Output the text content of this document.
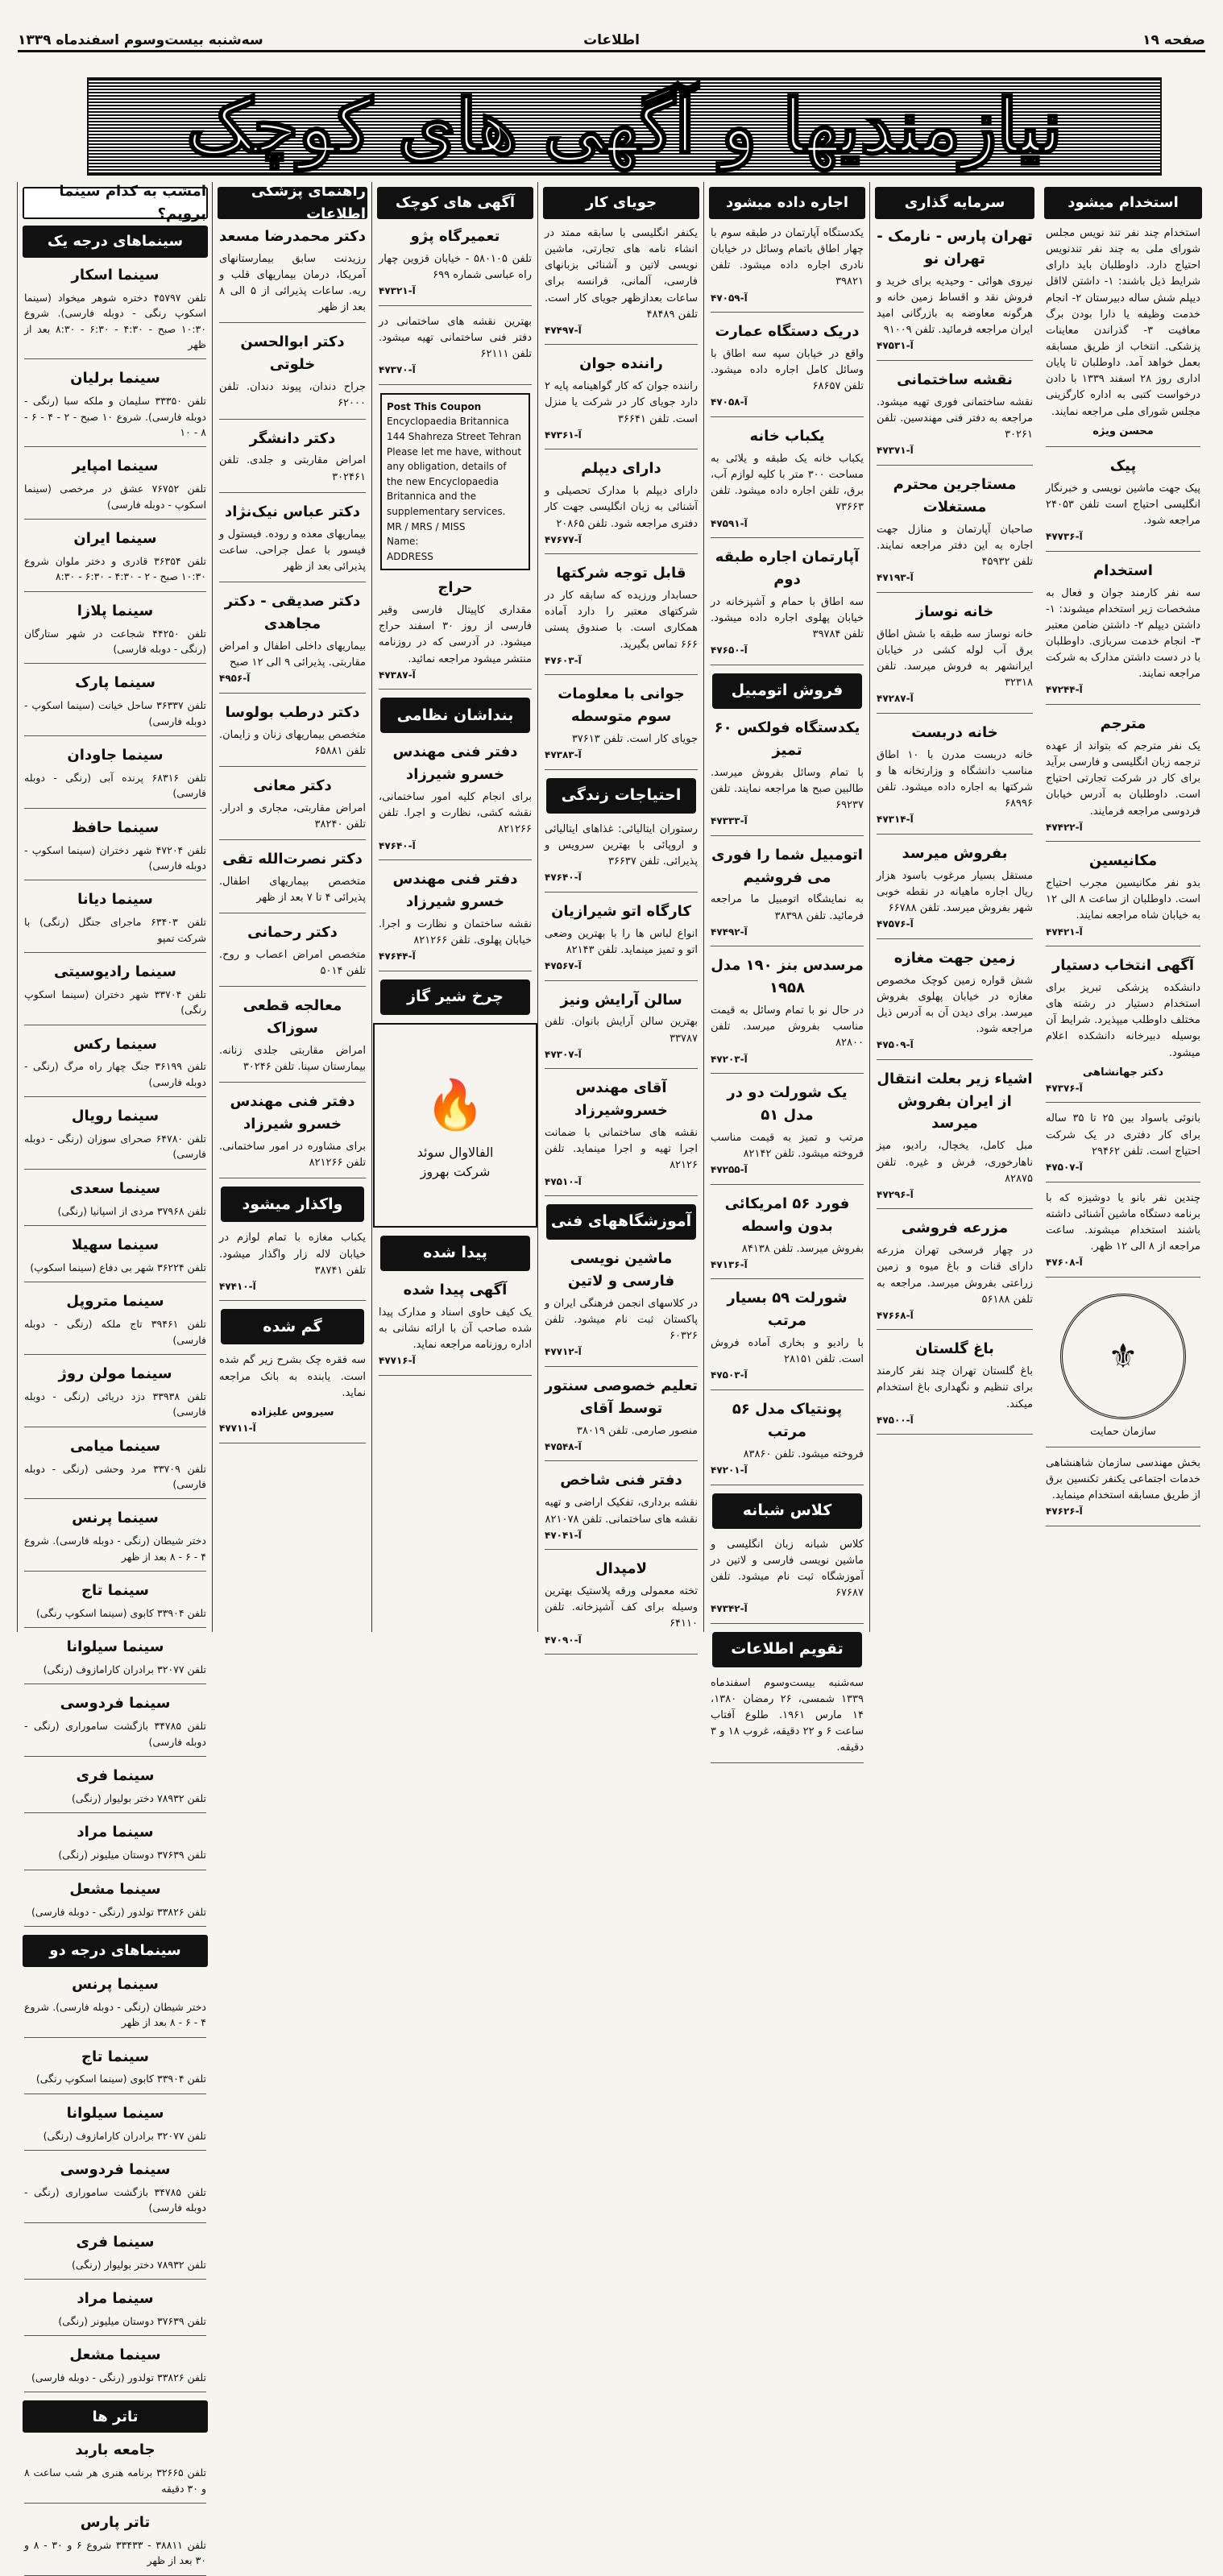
صفحه ۱۹
اطلاعات
سه‌شنبه بیست‌وسوم اسفندماه ۱۳۳۹
نیازمندیها و آگهی های کوچک
استخدام میشود
استخدام چند نفر تند نویس مجلس شورای ملی به چند نفر تندنویس احتیاج دارد. داوطلبان باید دارای شرایط ذیل باشند: ۱- داشتن لااقل دیپلم شش ساله دبیرستان ۲- انجام خدمت وظیفه یا دارا بودن برگ معافیت ۳- گذراندن معاینات پزشکی. انتخاب از طریق مسابقه بعمل خواهد آمد. داوطلبان تا پایان اداری روز ۲۸ اسفند ۱۳۳۹ با دادن درخواست کتبی به اداره کارگزینی مجلس شورای ملی مراجعه نمایند.
محسن ویژه
پیک
پیک جهت ماشین نویسی و خبرنگار انگلیسی احتیاج است تلفن ۲۴۰۵۳ مراجعه شود.
آ-۴۷۷۳۶
استخدام
سه نفر کارمند جوان و فعال به مشخصات زیر استخدام میشوند: ۱- داشتن دیپلم ۲- داشتن ضامن معتبر ۳- انجام خدمت سربازی. داوطلبان با در دست داشتن مدارک به شرکت مراجعه نمایند.
آ-۴۷۲۴۴
مترجم
یک نفر مترجم که بتواند از عهده ترجمه زبان انگلیسی و فارسی برآید برای کار در شرکت تجارتی احتیاج است. داوطلبان به آدرس خیابان فردوسی مراجعه فرمایند.
آ-۴۷۴۲۲
مکانیسین
بدو نفر مکانیسین مجرب احتیاج است. داوطلبان از ساعت ۸ الی ۱۲ به خیابان شاه مراجعه نمایند.
آ-۴۷۴۲۱
آگهی انتخاب دستیار
دانشکده پزشکی تبریز برای استخدام دستیار در رشته های مختلف داوطلب میپذیرد. شرایط آن بوسیله دبیرخانه دانشکده اعلام میشود.
دکتر جهانشاهی
آ-۴۷۳۷۶
بانوئی باسواد بین ۲۵ تا ۳۵ ساله برای کار دفتری در یک شرکت احتیاج است. تلفن ۲۹۴۶۲
آ-۴۷۵۰۷
چندین نفر بانو یا دوشیزه که با برنامه دستگاه ماشین آشنائی داشته باشند استخدام میشوند. ساعت مراجعه از ۸ الی ۱۲ ظهر.
آ-۴۷۶۰۸
⚜
سازمان حمایت
بخش مهندسی سازمان شاهنشاهی خدمات اجتماعی یکنفر تکنسین برق از طریق مسابقه استخدام مینماید.
آ-۴۷۶۲۶
سرمایه گذاری
تهران پارس - نارمک - تهران نو
نیروی هوائی - وحیدیه برای خرید و فروش نقد و اقساط زمین خانه و هرگونه معاوضه به بازرگانی امید ایران مراجعه فرمائید. تلفن ۹۱۰۰۹
آ-۴۷۵۳۱
نقشه ساختمانی
نقشه ساختمانی فوری تهیه میشود. مراجعه به دفتر فنی مهندسین. تلفن ۳۰۲۶۱
آ-۴۷۳۷۱
مستاجرین محترم مستغلات
صاحبان آپارتمان و منازل جهت اجاره به این دفتر مراجعه نمایند. تلفن ۴۵۹۳۲
آ-۴۷۱۹۳
خانه نوساز
خانه نوساز سه طبقه با شش اطاق برق آب لوله کشی در خیابان ایرانشهر به فروش میرسد. تلفن ۳۲۳۱۸
آ-۴۷۲۸۷
خانه دربست
خانه دربست مدرن با ۱۰ اطاق مناسب دانشگاه و وزارتخانه ها و شرکتها به اجاره داده میشود. تلفن ۶۸۹۹۶
آ-۴۷۳۱۴
بفروش میرسد
مستقل بسیار مرغوب باسود هزار ریال اجاره ماهیانه در نقطه خوبی شهر بفروش میرسد. تلفن ۶۶۷۸۸
آ-۴۷۵۷۶
زمین جهت مغازه
شش قواره زمین کوچک مخصوص مغازه در خیابان پهلوی بفروش میرسد. برای دیدن آن به آدرس ذیل مراجعه شود.
آ-۴۷۵۰۹
اشیاء زیر بعلت انتقال از ایران بفروش میرسد
مبل کامل، یخچال، رادیو، میز ناهارخوری، فرش و غیره. تلفن ۸۲۸۷۵
آ-۴۷۲۹۶
مزرعه فروشی
در چهار فرسخی تهران مزرعه دارای قنات و باغ میوه و زمین زراعتی بفروش میرسد. مراجعه به تلفن ۵۶۱۸۸
آ-۴۷۶۶۸
باغ گلستان
باغ گلستان تهران چند نفر کارمند برای تنظیم و نگهداری باغ استخدام میکند.
آ-۴۷۵۰۰
اجاره داده میشود
یکدستگاه آپارتمان در طبقه سوم با چهار اطاق باتمام وسائل در خیابان نادری اجاره داده میشود. تلفن ۳۹۸۲۱
آ-۴۷۰۵۹
دریک دستگاه عمارت
واقع در خیابان سپه سه اطاق با وسائل کامل اجاره داده میشود. تلفن ۶۸۶۵۷
آ-۴۷۰۵۸
یکباب خانه
یکباب خانه یک طبقه و یلائی به مساحت ۳۰۰ متر با کلیه لوازم آب، برق، تلفن اجاره داده میشود. تلفن ۷۳۶۶۳
آ-۴۷۵۹۱
آپارتمان اجاره طبقه دوم
سه اطاق با حمام و آشپزخانه در خیابان پهلوی اجاره داده میشود. تلفن ۳۹۷۸۴
آ-۴۷۶۵۰
فروش اتومبیل
یکدستگاه فولکس ۶۰ تمیز
با تمام وسائل بفروش میرسد. طالبین صبح ها مراجعه نمایند. تلفن ۶۹۲۳۷
آ-۴۷۳۳۳
اتومبیل شما را فوری می فروشیم
به نمایشگاه اتومبیل ما مراجعه فرمائید. تلفن ۳۸۳۹۸
آ-۴۷۴۹۲
مرسدس بنز ۱۹۰ مدل ۱۹۵۸
در حال نو با تمام وسائل به قیمت مناسب بفروش میرسد. تلفن ۸۲۸۰۰
آ-۴۷۲۰۳
یک شورلت دو در مدل ۵۱
مرتب و تمیز به قیمت مناسب فروخته میشود. تلفن ۸۲۱۴۲
آ-۴۷۲۵۵
فورد ۵۶ امریکائی بدون واسطه
بفروش میرسد. تلفن ۸۴۱۳۸
آ-۴۷۱۳۶
شورلت ۵۹ بسیار مرتب
با رادیو و بخاری آماده فروش است. تلفن ۲۸۱۵۱
آ-۴۷۵۰۳
پونتیاک مدل ۵۶ مرتب
فروخته میشود. تلفن ۸۳۸۶۰
آ-۴۷۲۰۱
کلاس شبانه
کلاس شبانه زبان انگلیسی و ماشین نویسی فارسی و لاتین در آموزشگاه ثبت نام میشود. تلفن ۶۷۶۸۷
آ-۴۷۳۴۲
تقویم اطلاعات
سه‌شنبه بیست‌وسوم اسفندماه ۱۳۳۹ شمسی، ۲۶ رمضان ۱۳۸۰، ۱۴ مارس ۱۹۶۱. طلوع آفتاب ساعت ۶ و ۲۲ دقیقه، غروب ۱۸ و ۳ دقیقه.
جویای کار
یکنفر انگلیسی با سابقه ممتد در انشاء نامه های تجارتی، ماشین نویسی لاتین و آشنائی بزبانهای فارسی، آلمانی، فرانسه برای ساعات بعدازظهر جویای کار است. تلفن ۴۸۴۸۹
آ-۴۷۴۹۷
راننده جوان
راننده جوان که کار گواهینامه پایه ۲ دارد جویای کار در شرکت یا منزل است. تلفن ۳۶۶۴۱
آ-۴۷۳۶۱
دارای دیپلم
دارای دیپلم با مدارک تحصیلی و آشنائی به زبان انگلیسی جهت کار دفتری مراجعه شود. تلفن ۲۰۸۶۵
آ-۴۷۶۷۷
قابل توجه شرکتها
حسابدار ورزیده که سابقه کار در شرکتهای معتبر را دارد آماده همکاری است. با صندوق پستی ۶۶۶ تماس بگیرید.
آ-۴۷۶۰۳
جوانی با معلومات سوم متوسطه
جویای کار است. تلفن ۳۷۶۱۳
آ-۴۷۳۸۳
احتیاجات زندگی
رستوران ایتالیائی: غذاهای ایتالیائی و اروپائی با بهترین سرویس و پذیرائی. تلفن ۳۶۶۳۷
آ-۴۷۶۴۰
کارگاه اتو شیرازیان
انواع لباس ها را با بهترین وضعی اتو و تمیز مینماید. تلفن ۸۲۱۴۳
آ-۴۷۵۶۷
سالن آرایش ونیز
بهترین سالن آرایش بانوان. تلفن ۳۳۷۸۷
آ-۴۷۳۰۷
آقای مهندس خسروشیرزاد
نقشه های ساختمانی با ضمانت اجرا تهیه و اجرا مینماید. تلفن ۸۲۱۲۶
آ-۴۷۵۱۰
آموزشگاههای فنی
ماشین نویسی فارسی و لاتین
در کلاسهای انجمن فرهنگی ایران و پاکستان ثبت نام میشود. تلفن ۶۰۳۲۶
آ-۴۷۷۱۲
تعلیم خصوصی سنتور توسط آقای
منصور صارمی. تلفن ۳۸۰۱۹
آ-۴۷۵۴۸
دفتر فنی شاخص
نقشه برداری، تفکیک اراضی و تهیه نقشه های ساختمانی. تلفن ۸۲۱۰۷۸
آ-۴۷۰۴۱
لامپدال
تخته معمولی ورقه پلاستیک بهترین وسیله برای کف آشپزخانه. تلفن ۶۴۱۱۰
آ-۴۷۰۹۰
آگهی های کوچک
تعمیرگاه پژو
تلفن ۵۸۰۱۰۵ - خیابان قزوین چهار راه عباسی شماره ۶۹۹
آ-۴۷۳۲۱
بهترین نقشه های ساختمانی در دفتر فنی ساختمانی تهیه میشود. تلفن ۶۲۱۱۱
آ-۴۷۳۷۰
Post This Coupon
Encyclopaedia Britannica
144 Shahreza Street Tehran
Please let me have, without any obligation, details of the new Encyclopaedia Britannica and the supplementary services.
MR / MRS / MISS
Name:
ADDRESS
حراج
مقداری کاپیتال فارسی وقیر فارسی از روز ۳۰ اسفند حراج میشود. در آدرسی که در روزنامه منتشر میشود مراجعه نمائید.
آ-۴۷۳۸۷
بنداشان نظامی
دفتر فنی مهندس خسرو شیرزاد
برای انجام کلیه امور ساختمانی، نقشه کشی، نظارت و اجرا. تلفن ۸۲۱۲۶۶
آ-۴۷۶۴۰
دفتر فنی مهندس خسرو شیرزاد
نقشه ساختمان و نظارت و اجرا. خیابان پهلوی. تلفن ۸۲۱۲۶۶
آ-۴۷۶۴۴
چرخ شیر گاز
🔥
الفالاوال سوئد
شرکت بهروز
پیدا شده
آگهی پیدا شده
یک کیف حاوی اسناد و مدارک پیدا شده صاحب آن با ارائه نشانی به اداره روزنامه مراجعه نماید.
آ-۴۷۷۱۶
راهنمای پزشکی اطلاعات
دکتر محمدرضا مسعد
رزیدنت سابق بیمارستانهای آمریکا، درمان بیماریهای قلب و ریه. ساعات پذیرائی از ۵ الی ۸ بعد از ظهر
دکتر ابوالحسن خلوتی
جراح دندان، پیوند دندان. تلفن ۶۲۰۰۰
دکتر دانشگر
امراض مقاربتی و جلدی. تلفن ۳۰۲۴۶۱
دکتر عباس نیک‌نژاد
بیماریهای معده و روده. فیستول و فیسور با عمل جراحی. ساعت پذیرائی بعد از ظهر
دکتر صدیقی - دکتر مجاهدی
بیماریهای داخلی اطفال و امراض مقاربتی. پذیرائی ۹ الی ۱۲ صبح
آ-۴۹۵۶
دکتر درطب بولوسا
متخصص بیماریهای زنان و زایمان. تلفن ۶۵۸۸۱
دکتر معانی
امراض مقاربتی، مجاری و ادرار. تلفن ۳۸۲۴۰
دکتر نصرت‌الله تقی
متخصص بیماریهای اطفال. پذیرائی ۴ تا ۷ بعد از ظهر
دکتر رحمانی
متخصص امراض اعصاب و روح. تلفن ۵۰۱۴
معالجه قطعی سوزاک
امراض مقاربتی جلدی زنانه. بیمارستان سینا. تلفن ۳۰۲۴۶
دفتر فنی مهندس خسرو شیرزاد
برای مشاوره در امور ساختمانی. تلفن ۸۲۱۲۶۶
واکذار میشود
یکباب مغازه با تمام لوازم در خیابان لاله زار واگذار میشود. تلفن ۳۸۷۴۱
آ-۴۷۴۱۰
گم شده
سه فقره چک بشرح زیر گم شده است. یابنده به بانک مراجعه نماید.
سیروس علیزاده
آ-۴۷۷۱۱
امشب به کدام سینما برویم؟
سینماهای درجه یک
سینما اسکار
تلفن ۴۵۷۹۷ دختره شوهر میخواد (سینما اسکوپ رنگی - دوبله فارسی). شروع ۱۰:۳۰ صبح - ۴:۳۰ - ۶:۳۰ - ۸:۳۰ بعد از ظهر
سینما برلیان
تلفن ۳۳۳۵۰ سلیمان و ملکه سبا (رنگی - دوبله فارسی). شروع ۱۰ صبح - ۲ - ۴ - ۶ - ۸ - ۱۰
سینما امپایر
تلفن ۷۶۷۵۲ عشق در مرخصی (سینما اسکوپ - دوبله فارسی)
سینما ایران
تلفن ۳۶۳۵۴ قادری و دختر ملوان شروع ۱۰:۳۰ صبح - ۲ - ۴:۳۰ - ۶:۳۰ - ۸:۳۰
سینما پلازا
تلفن ۴۴۲۵۰ شجاعت در شهر ستارگان (رنگی - دوبله فارسی)
سینما پارک
تلفن ۳۶۳۳۷ ساحل خیانت (سینما اسکوپ - دوبله فارسی)
سینما جاودان
تلفن ۶۸۳۱۶ پرنده آبی (رنگی - دوبله فارسی)
سینما حافظ
تلفن ۴۷۲۰۴ شهر دختران (سینما اسکوپ - دوبله فارسی)
سینما دیانا
تلفن ۶۳۴۰۳ ماجرای جنگل (رنگی) با شرکت تمپو
سینما رادیوسیتی
تلفن ۳۳۷۰۴ شهر دختران (سینما اسکوپ رنگی)
سینما رکس
تلفن ۳۶۱۹۹ جنگ چهار راه مرگ (رنگی - دوبله فارسی)
سینما رویال
تلفن ۶۴۷۸۰ صحرای سوزان (رنگی - دوبله فارسی)
سینما سعدی
تلفن ۳۷۹۶۸ مردی از اسپانیا (رنگی)
سینما سهیلا
تلفن ۳۶۲۲۴ شهر بی دفاع (سینما اسکوپ)
سینما متروپل
تلفن ۳۹۴۶۱ تاج ملکه (رنگی - دوبله فارسی)
سینما مولن روژ
تلفن ۳۳۹۳۸ دزد دریائی (رنگی - دوبله فارسی)
سینما میامی
تلفن ۳۳۷۰۹ مرد وحشی (رنگی - دوبله فارسی)
سینما پرنس
دختر شیطان (رنگی - دوبله فارسی). شروع ۴ - ۶ - ۸ بعد از ظهر
سینما تاج
تلفن ۳۳۹۰۴ کابوی (سینما اسکوپ رنگی)
سینما سیلوانا
تلفن ۳۲۰۷۷ برادران کارامازوف (رنگی)
سینما فردوسی
تلفن ۳۴۷۸۵ بازگشت ساموراری (رنگی - دوبله فارسی)
سینما فری
تلفن ۷۸۹۳۲ دختر بولیوار (رنگی)
سینما مراد
تلفن ۳۷۶۳۹ دوستان میلیونر (رنگی)
سینما مشعل
تلفن ۳۳۸۲۶ تولدور (رنگی - دوبله فارسی)
سینماهای درجه دو
سینما پرنس
دختر شیطان (رنگی - دوبله فارسی). شروع ۴ - ۶ - ۸ بعد از ظهر
سینما تاج
تلفن ۳۳۹۰۴ کابوی (سینما اسکوپ رنگی)
سینما سیلوانا
تلفن ۳۲۰۷۷ برادران کارامازوف (رنگی)
سینما فردوسی
تلفن ۳۴۷۸۵ بازگشت ساموراری (رنگی - دوبله فارسی)
سینما فری
تلفن ۷۸۹۳۲ دختر بولیوار (رنگی)
سینما مراد
تلفن ۳۷۶۳۹ دوستان میلیونر (رنگی)
سینما مشعل
تلفن ۳۳۸۲۶ تولدور (رنگی - دوبله فارسی)
تاتر ها
جامعه باربد
تلفن ۳۲۶۶۵ برنامه هنری هر شب ساعت ۸ و ۳۰ دقیقه
تاتر پارس
تلفن ۳۸۸۱۱ - ۳۳۴۳۳ شروع ۶ و ۳۰ - ۸ و ۳۰ بعد از ظهر
